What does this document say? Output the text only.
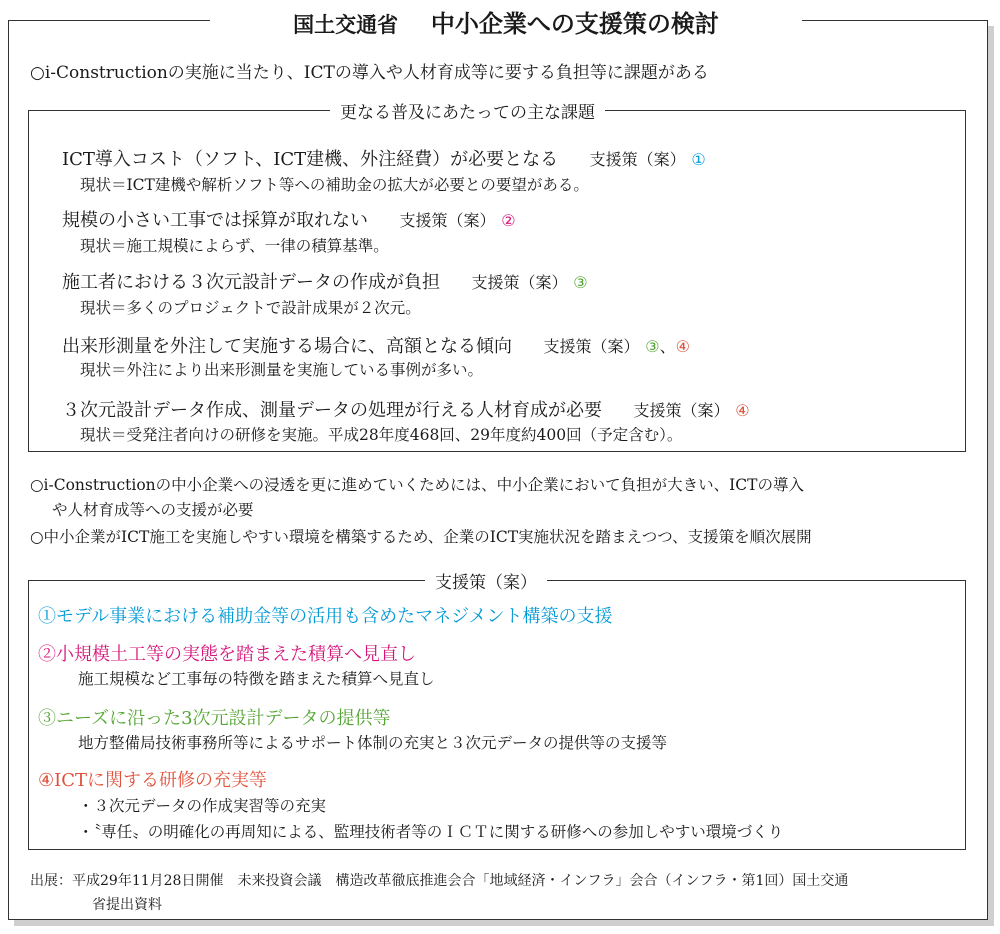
国土交通省 中小企業への支援策の検討
○i-Constructionの実施に当たり、ICTの導入や人材育成等に要する負担等に課題がある
更なる普及にあたっての主な課題
ICT導入コスト（ソフト、ICT建機、外注経費）が必要となる 支援策（案） ①
現状＝ICT建機や解析ソフト等への補助金の拡大が必要との要望がある。
規模の小さい工事では採算が取れない 支援策（案） ②
現状＝施工規模によらず、一律の積算基準。
施工者における３次元設計データの作成が負担 支援策（案） ③
現状＝多くのプロジェクトで設計成果が２次元。
出来形測量を外注して実施する場合に、高額となる傾向 支援策（案） ③、④
現状＝外注により出来形測量を実施している事例が多い。
３次元設計データ作成、測量データの処理が行える人材育成が必要 支援策（案） ④
現状＝受発注者向けの研修を実施。平成28年度468回、29年度約400回（予定含む）。
○i-Constructionの中小企業への浸透を更に進めていくためには、中小企業において負担が大きい、ICTの導入
や人材育成等への支援が必要
○中小企業がICT施工を実施しやすい環境を構築するため、企業のICT実施状況を踏まえつつ、支援策を順次展開
支援策（案）
①モデル事業における補助金等の活用も含めたマネジメント構築の支援
②小規模土工等の実態を踏まえた積算へ見直し
施工規模など工事毎の特徴を踏まえた積算へ見直し
③ニーズに沿った3次元設計データの提供等
地方整備局技術事務所等によるサポート体制の充実と３次元データの提供等の支援等
④ICTに関する研修の充実等
・３次元データの作成実習等の充実
・〝専任〟の明確化の再周知による、監理技術者等のＩＣＴに関する研修への参加しやすい環境づくり
出展：平成29年11月28日開催　未来投資会議　構造改革徹底推進会合「地域経済・インフラ」会合（インフラ・第1回）国土交通
省提出資料
